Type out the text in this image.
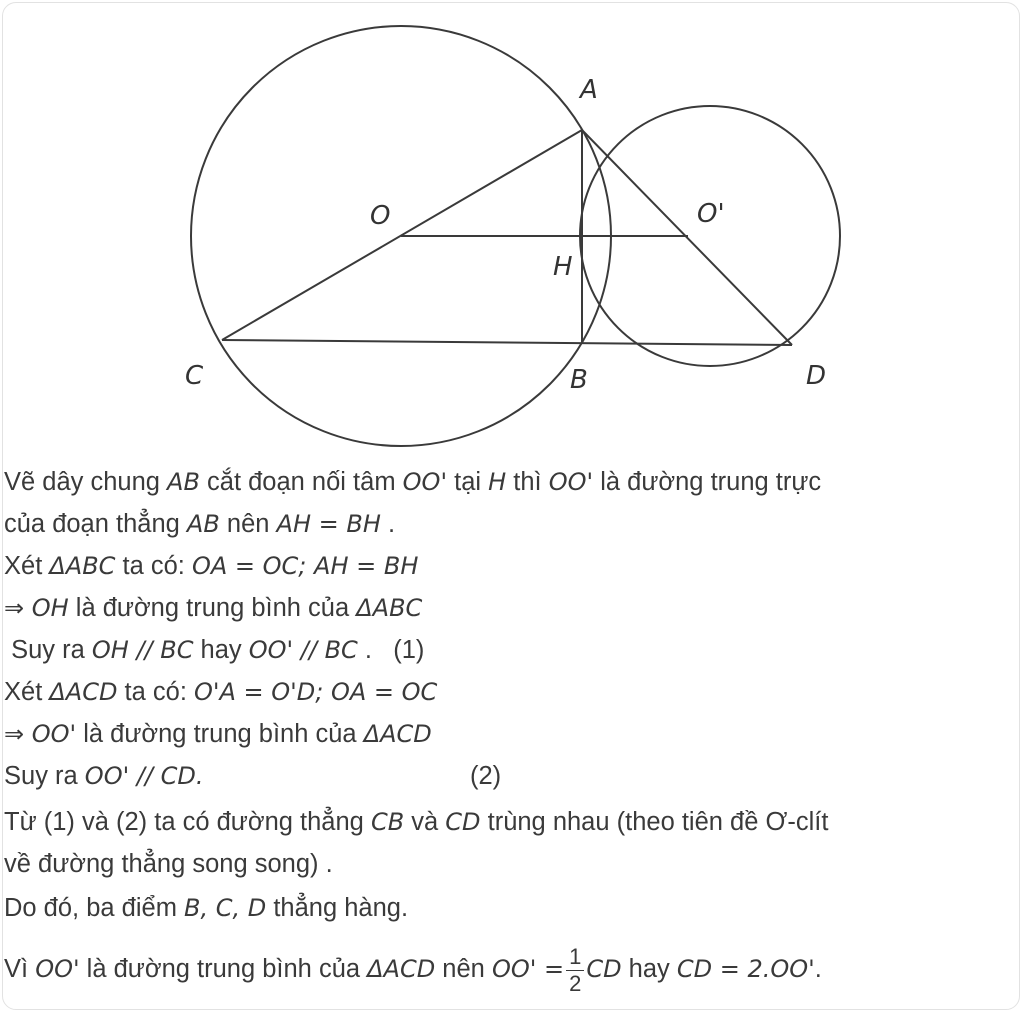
A
O	O'
H
C	B	D
Vẽ dây chung AB cắt đoạn nối tâm OO' tại H thì OO' là đường trung trực
của đoạn thẳng AB nên AH = BH .
Xét ΔABC ta có: OA = OC; AH = BH
⇒ OH là đường trung bình của ΔABC
Suy ra OH // BC hay OO' // BC .   (1)
Xét ΔACD ta có: O'A = O'D; OA = OC
⇒ OO' là đường trung bình của ΔACD
Suy ra OO' // CD.	(2)
Từ (1) và (2) ta có đường thẳng CB và CD trùng nhau (theo tiên đề Ơ-clít
về đường thẳng song song) .
Do đó, ba điểm B, C, D thẳng hàng.
Vì OO' là đường trung bình của ΔACD nên $OO' = \frac{1}{2}$ CD hay CD = 2.OO'.
